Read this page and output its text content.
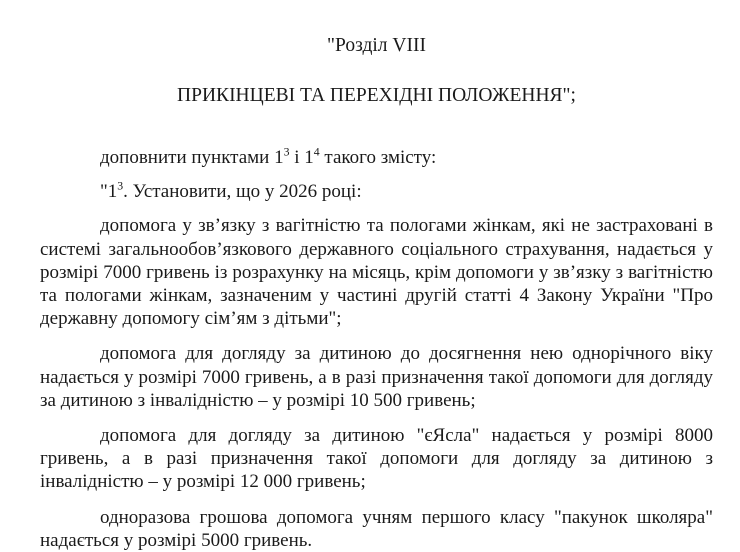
"Розділ VIII

ПРИКІНЦЕВІ ТА ПЕРЕХІДНІ ПОЛОЖЕННЯ";

доповнити пунктами $1^3$ і $1^4$ такого змісту:

"$1^3$. Установити, що у 2026 році:

допомога у зв’язку з вагітністю та пологами жінкам, які не застраховані в системі загальнообов’язкового державного соціального страхування, надається у розмірі 7000 гривень із розрахунку на місяць, крім допомоги у зв’язку з вагітністю та пологами жінкам, зазначеним у частині другій статті 4 Закону України "Про державну допомогу сім’ям з дітьми";

допомога для догляду за дитиною до досягнення нею однорічного віку надається у розмірі 7000 гривень, а в разі призначення такої допомоги для догляду за дитиною з інвалідністю – у розмірі 10 500 гривень;

допомога для догляду за дитиною "єЯсла" надається у розмірі 8000 гривень, а в разі призначення такої допомоги для догляду за дитиною з інвалідністю – у розмірі 12 000 гривень;

одноразова грошова допомога учням першого класу "пакунок школяра" надається у розмірі 5000 гривень.
